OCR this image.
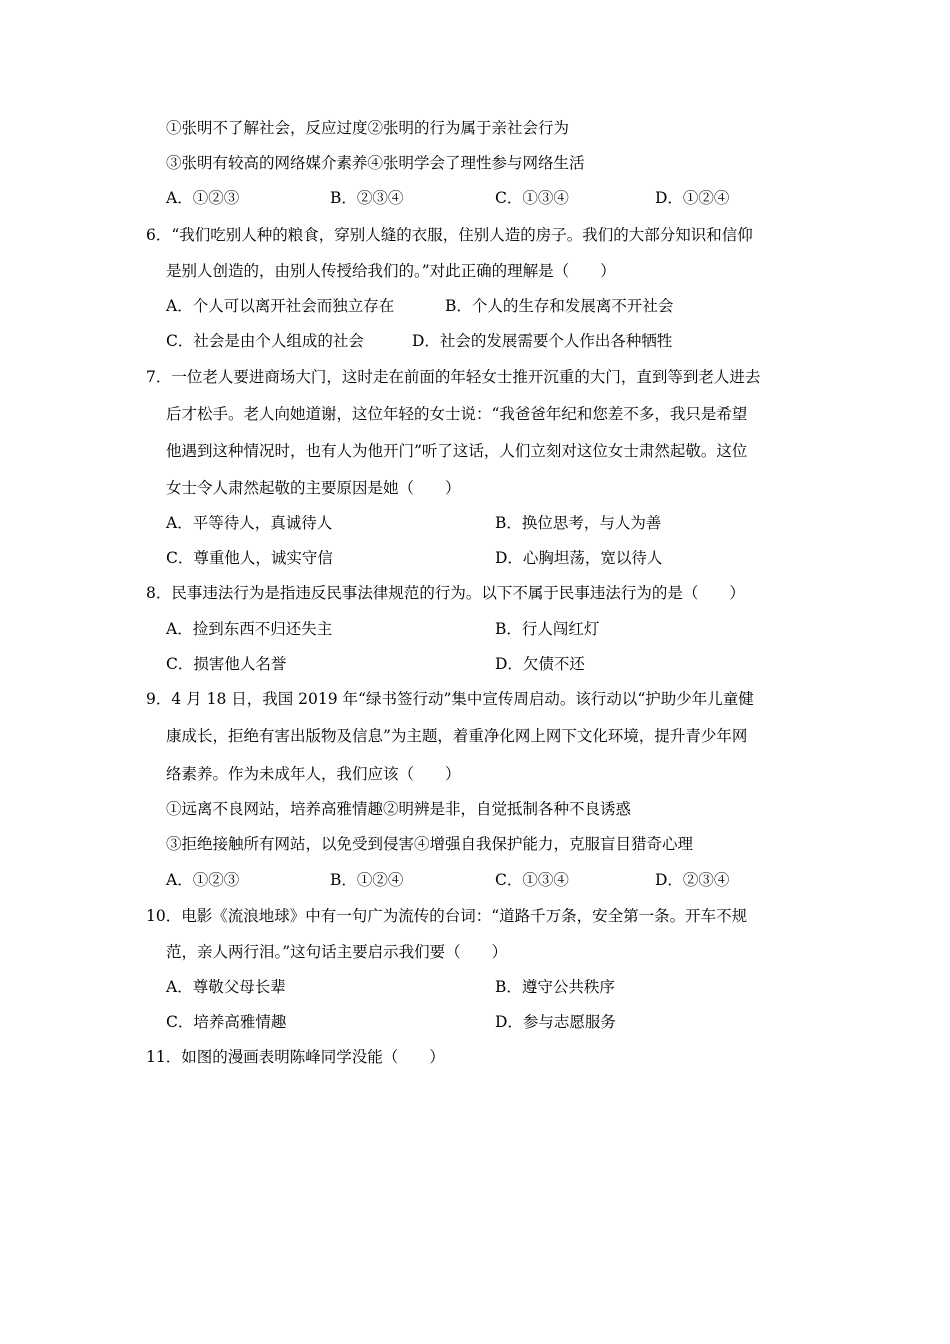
①张明不了解社会，反应过度②张明的行为属于亲社会行为
③张明有较高的网络媒介素养④张明学会了理性参与网络生活
A．①②③	B．②③④	C．①③④	D．①②④
6．“我们吃别人种的粮食，穿别人缝的衣服，住别人造的房子。我们的大部分知识和信仰
是别人创造的，由别人传授给我们的。”对此正确的理解是（　　）
A．个人可以离开社会而独立存在	B．个人的生存和发展离不开社会
C．社会是由个人组成的社会	D．社会的发展需要个人作出各种牺牲
7．一位老人要进商场大门，这时走在前面的年轻女士推开沉重的大门，直到等到老人进去
后才松手。老人向她道谢，这位年轻的女士说：“我爸爸年纪和您差不多，我只是希望
他遇到这种情况时，也有人为他开门”听了这话，人们立刻对这位女士肃然起敬。这位
女士令人肃然起敬的主要原因是她（　　）
A．平等待人，真诚待人	B．换位思考，与人为善
C．尊重他人，诚实守信	D．心胸坦荡，宽以待人
8．民事违法行为是指违反民事法律规范的行为。以下不属于民事违法行为的是（　　）
A．捡到东西不归还失主	B．行人闯红灯
C．损害他人名誉	D．欠债不还
9．4 月 18 日，我国 2019 年“绿书签行动”集中宣传周启动。该行动以“护助少年儿童健
康成长，拒绝有害出版物及信息”为主题，着重净化网上网下文化环境，提升青少年网
络素养。作为未成年人，我们应该（　　）
①远离不良网站，培养高雅情趣②明辨是非，自觉抵制各种不良诱惑
③拒绝接触所有网站，以免受到侵害④增强自我保护能力，克服盲目猎奇心理
A．①②③	B．①②④	C．①③④	D．②③④
10．电影《流浪地球》中有一句广为流传的台词：“道路千万条，安全第一条。开车不规
范，亲人两行泪。”这句话主要启示我们要（　　）
A．尊敬父母长辈	B．遵守公共秩序
C．培养高雅情趣	D．参与志愿服务
11．如图的漫画表明陈峰同学没能（　　）
